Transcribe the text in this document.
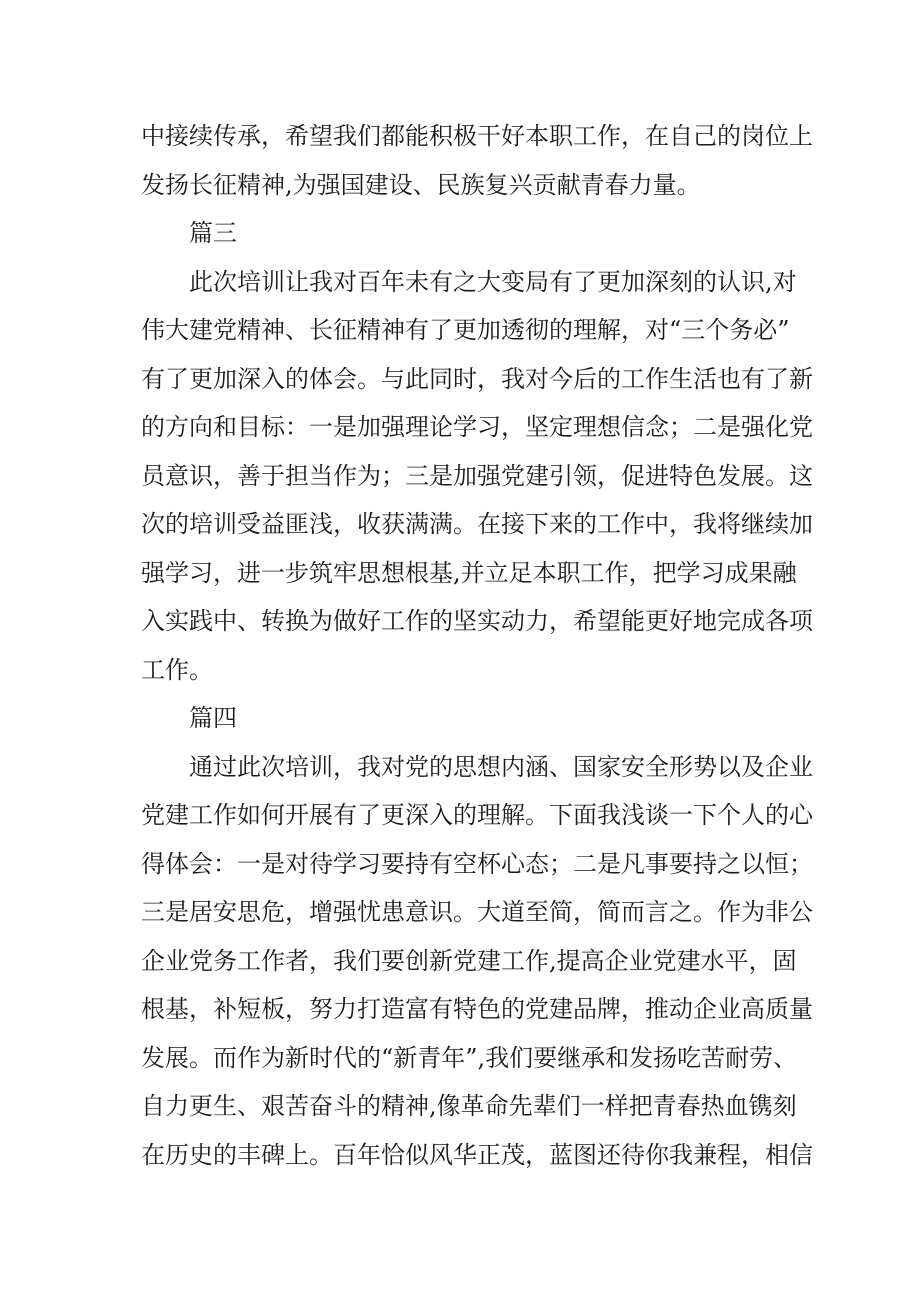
中接续传承，希望我们都能积极干好本职工作，在自己的岗位上
发扬长征精神,为强国建设、民族复兴贡献青春力量。
篇三
此次培训让我对百年未有之大变局有了更加深刻的认识,对
伟大建党精神、长征精神有了更加透彻的理解，对“三个务必”
有了更加深入的体会。与此同时，我对今后的工作生活也有了新
的方向和目标：一是加强理论学习，坚定理想信念；二是强化党
员意识，善于担当作为；三是加强党建引领，促进特色发展。这
次的培训受益匪浅，收获满满。在接下来的工作中，我将继续加
强学习，进一步筑牢思想根基,并立足本职工作，把学习成果融
入实践中、转换为做好工作的坚实动力，希望能更好地完成各项
工作。
篇四
通过此次培训，我对党的思想内涵、国家安全形势以及企业
党建工作如何开展有了更深入的理解。下面我浅谈一下个人的心
得体会：一是对待学习要持有空杯心态；二是凡事要持之以恒；
三是居安思危，增强忧患意识。大道至简，简而言之。作为非公
企业党务工作者，我们要创新党建工作,提高企业党建水平，固
根基，补短板，努力打造富有特色的党建品牌，推动企业高质量
发展。而作为新时代的“新青年”,我们要继承和发扬吃苦耐劳、
自力更生、艰苦奋斗的精神,像革命先辈们一样把青春热血镌刻
在历史的丰碑上。百年恰似风华正茂，蓝图还待你我兼程，相信
